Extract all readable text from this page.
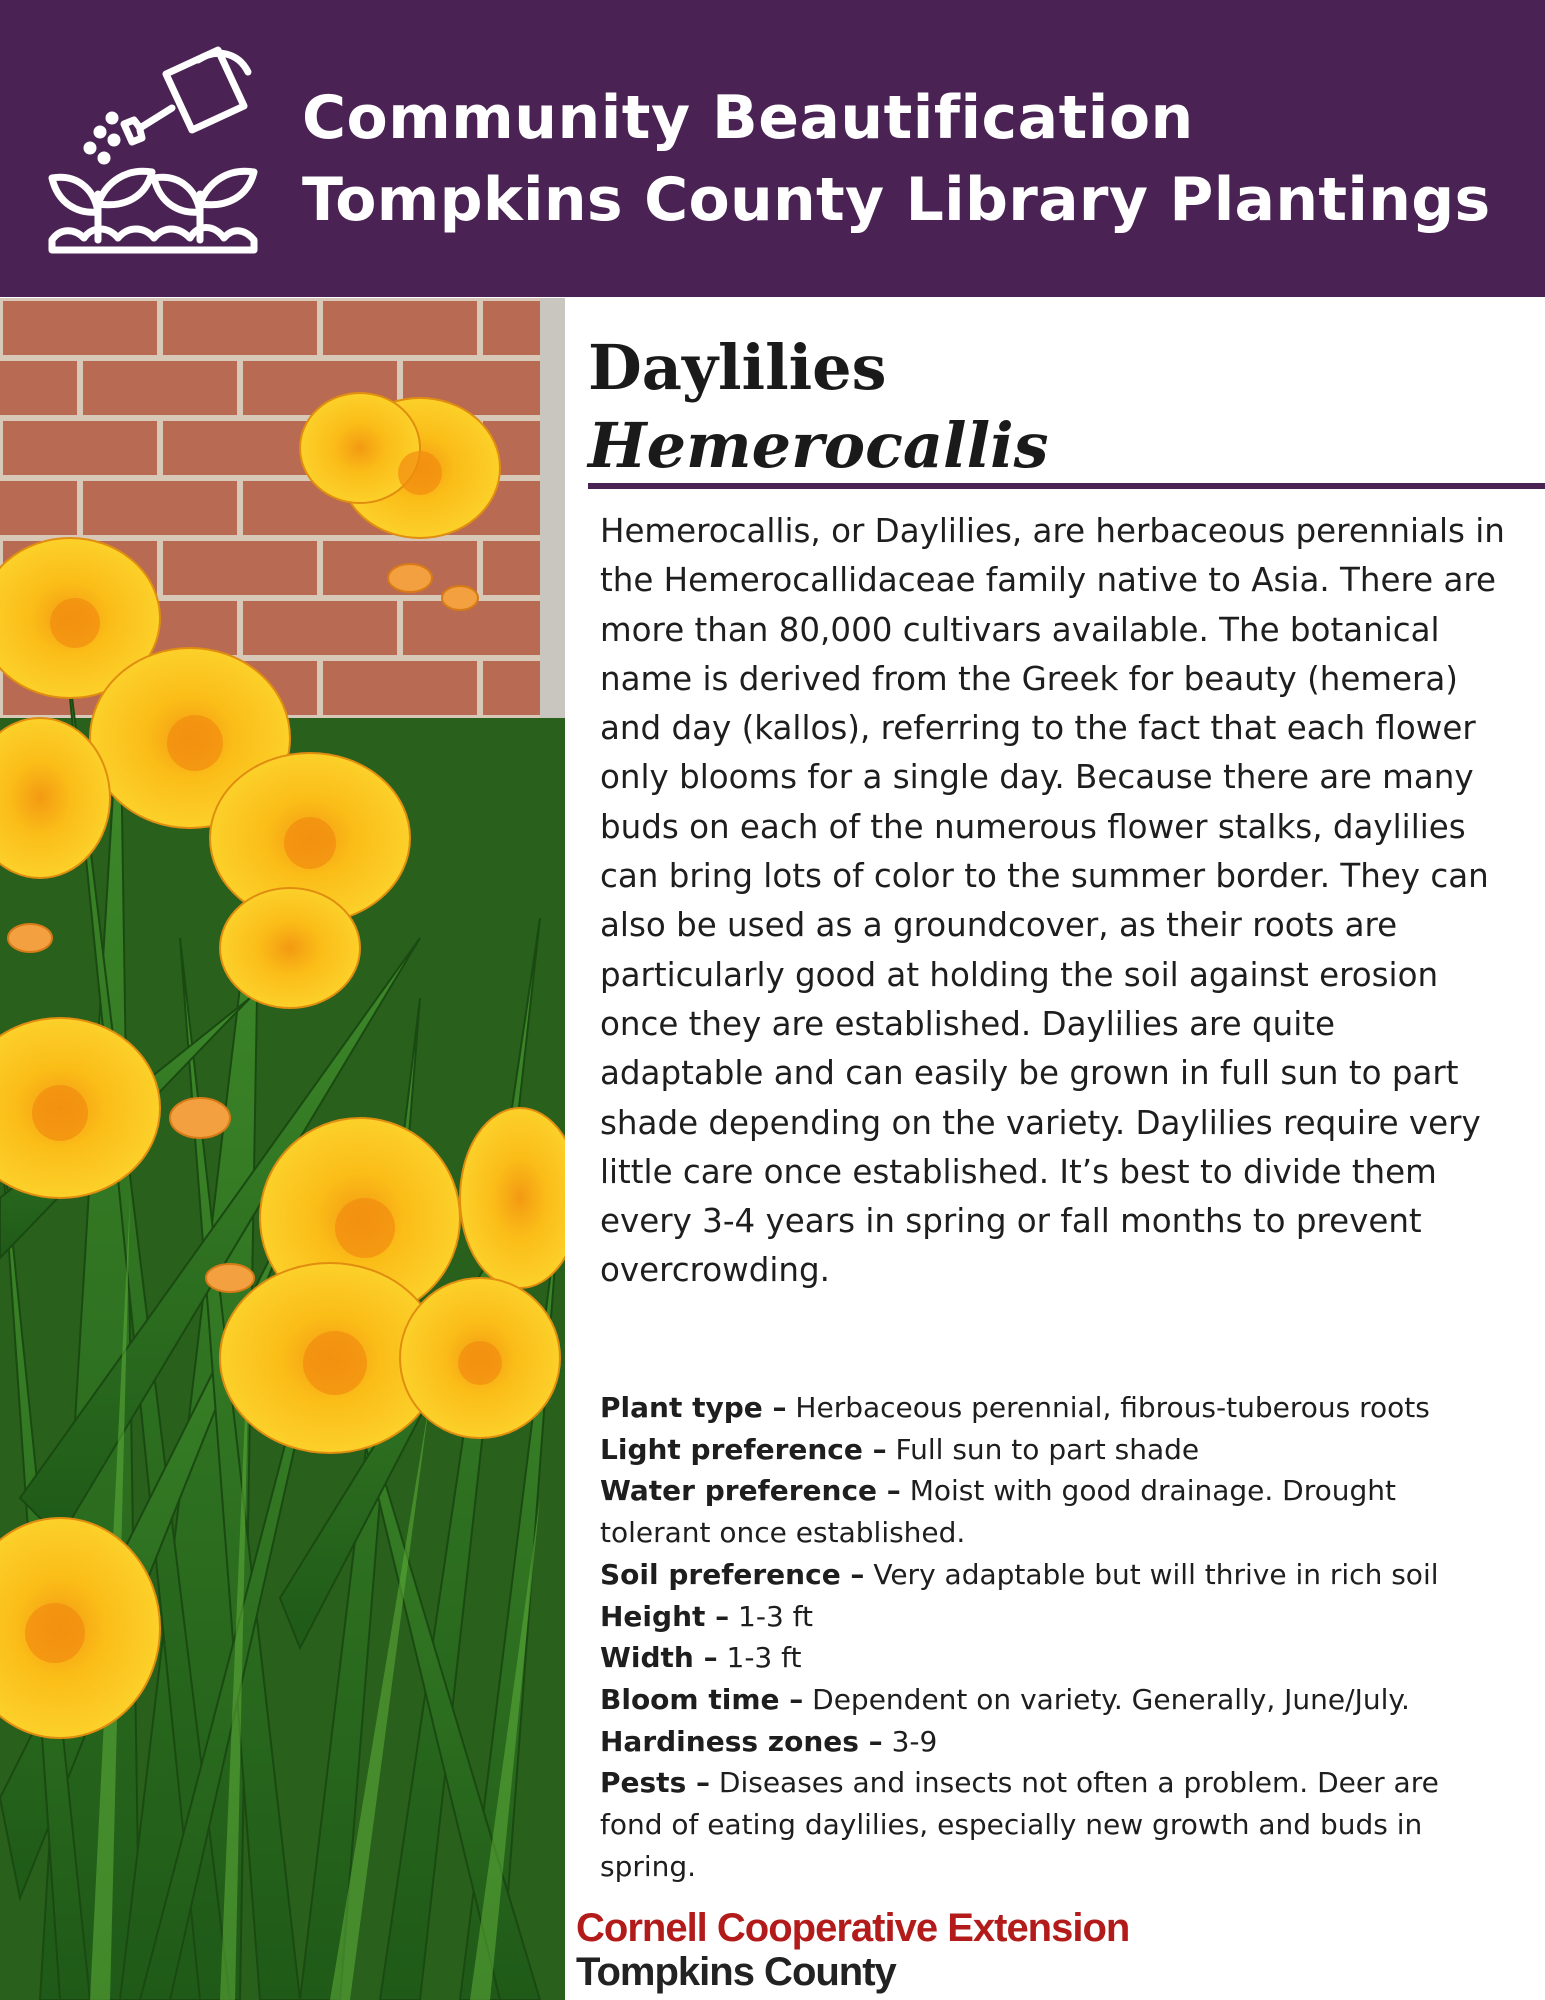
Community Beautification
Tompkins County Library Plantings
Daylilies
Hemerocallis

Hemerocallis, or Daylilies, are herbaceous perennials in the Hemerocallidaceae family native to Asia. There are more than 80,000 cultivars available. The botanical name is derived from the Greek for beauty (hemera) and day (kallos), referring to the fact that each flower only blooms for a single day. Because there are many buds on each of the numerous flower stalks, daylilies can bring lots of color to the summer border. They can also be used as a groundcover, as their roots are particularly good at holding the soil against erosion once they are established. Daylilies are quite adaptable and can easily be grown in full sun to part shade depending on the variety. Daylilies require very little care once established. It’s best to divide them every 3-4 years in spring or fall months to prevent overcrowding.

Plant type – Herbaceous perennial, fibrous-tuberous roots
Light preference – Full sun to part shade
Water preference – Moist with good drainage. Drought tolerant once established.
Soil preference – Very adaptable but will thrive in rich soil
Height – 1-3 ft
Width – 1-3 ft
Bloom time – Dependent on variety. Generally, June/July.
Hardiness zones – 3-9
Pests – Diseases and insects not often a problem. Deer are fond of eating daylilies, especially new growth and buds in spring.
Cornell Cooperative Extension
Tompkins County
